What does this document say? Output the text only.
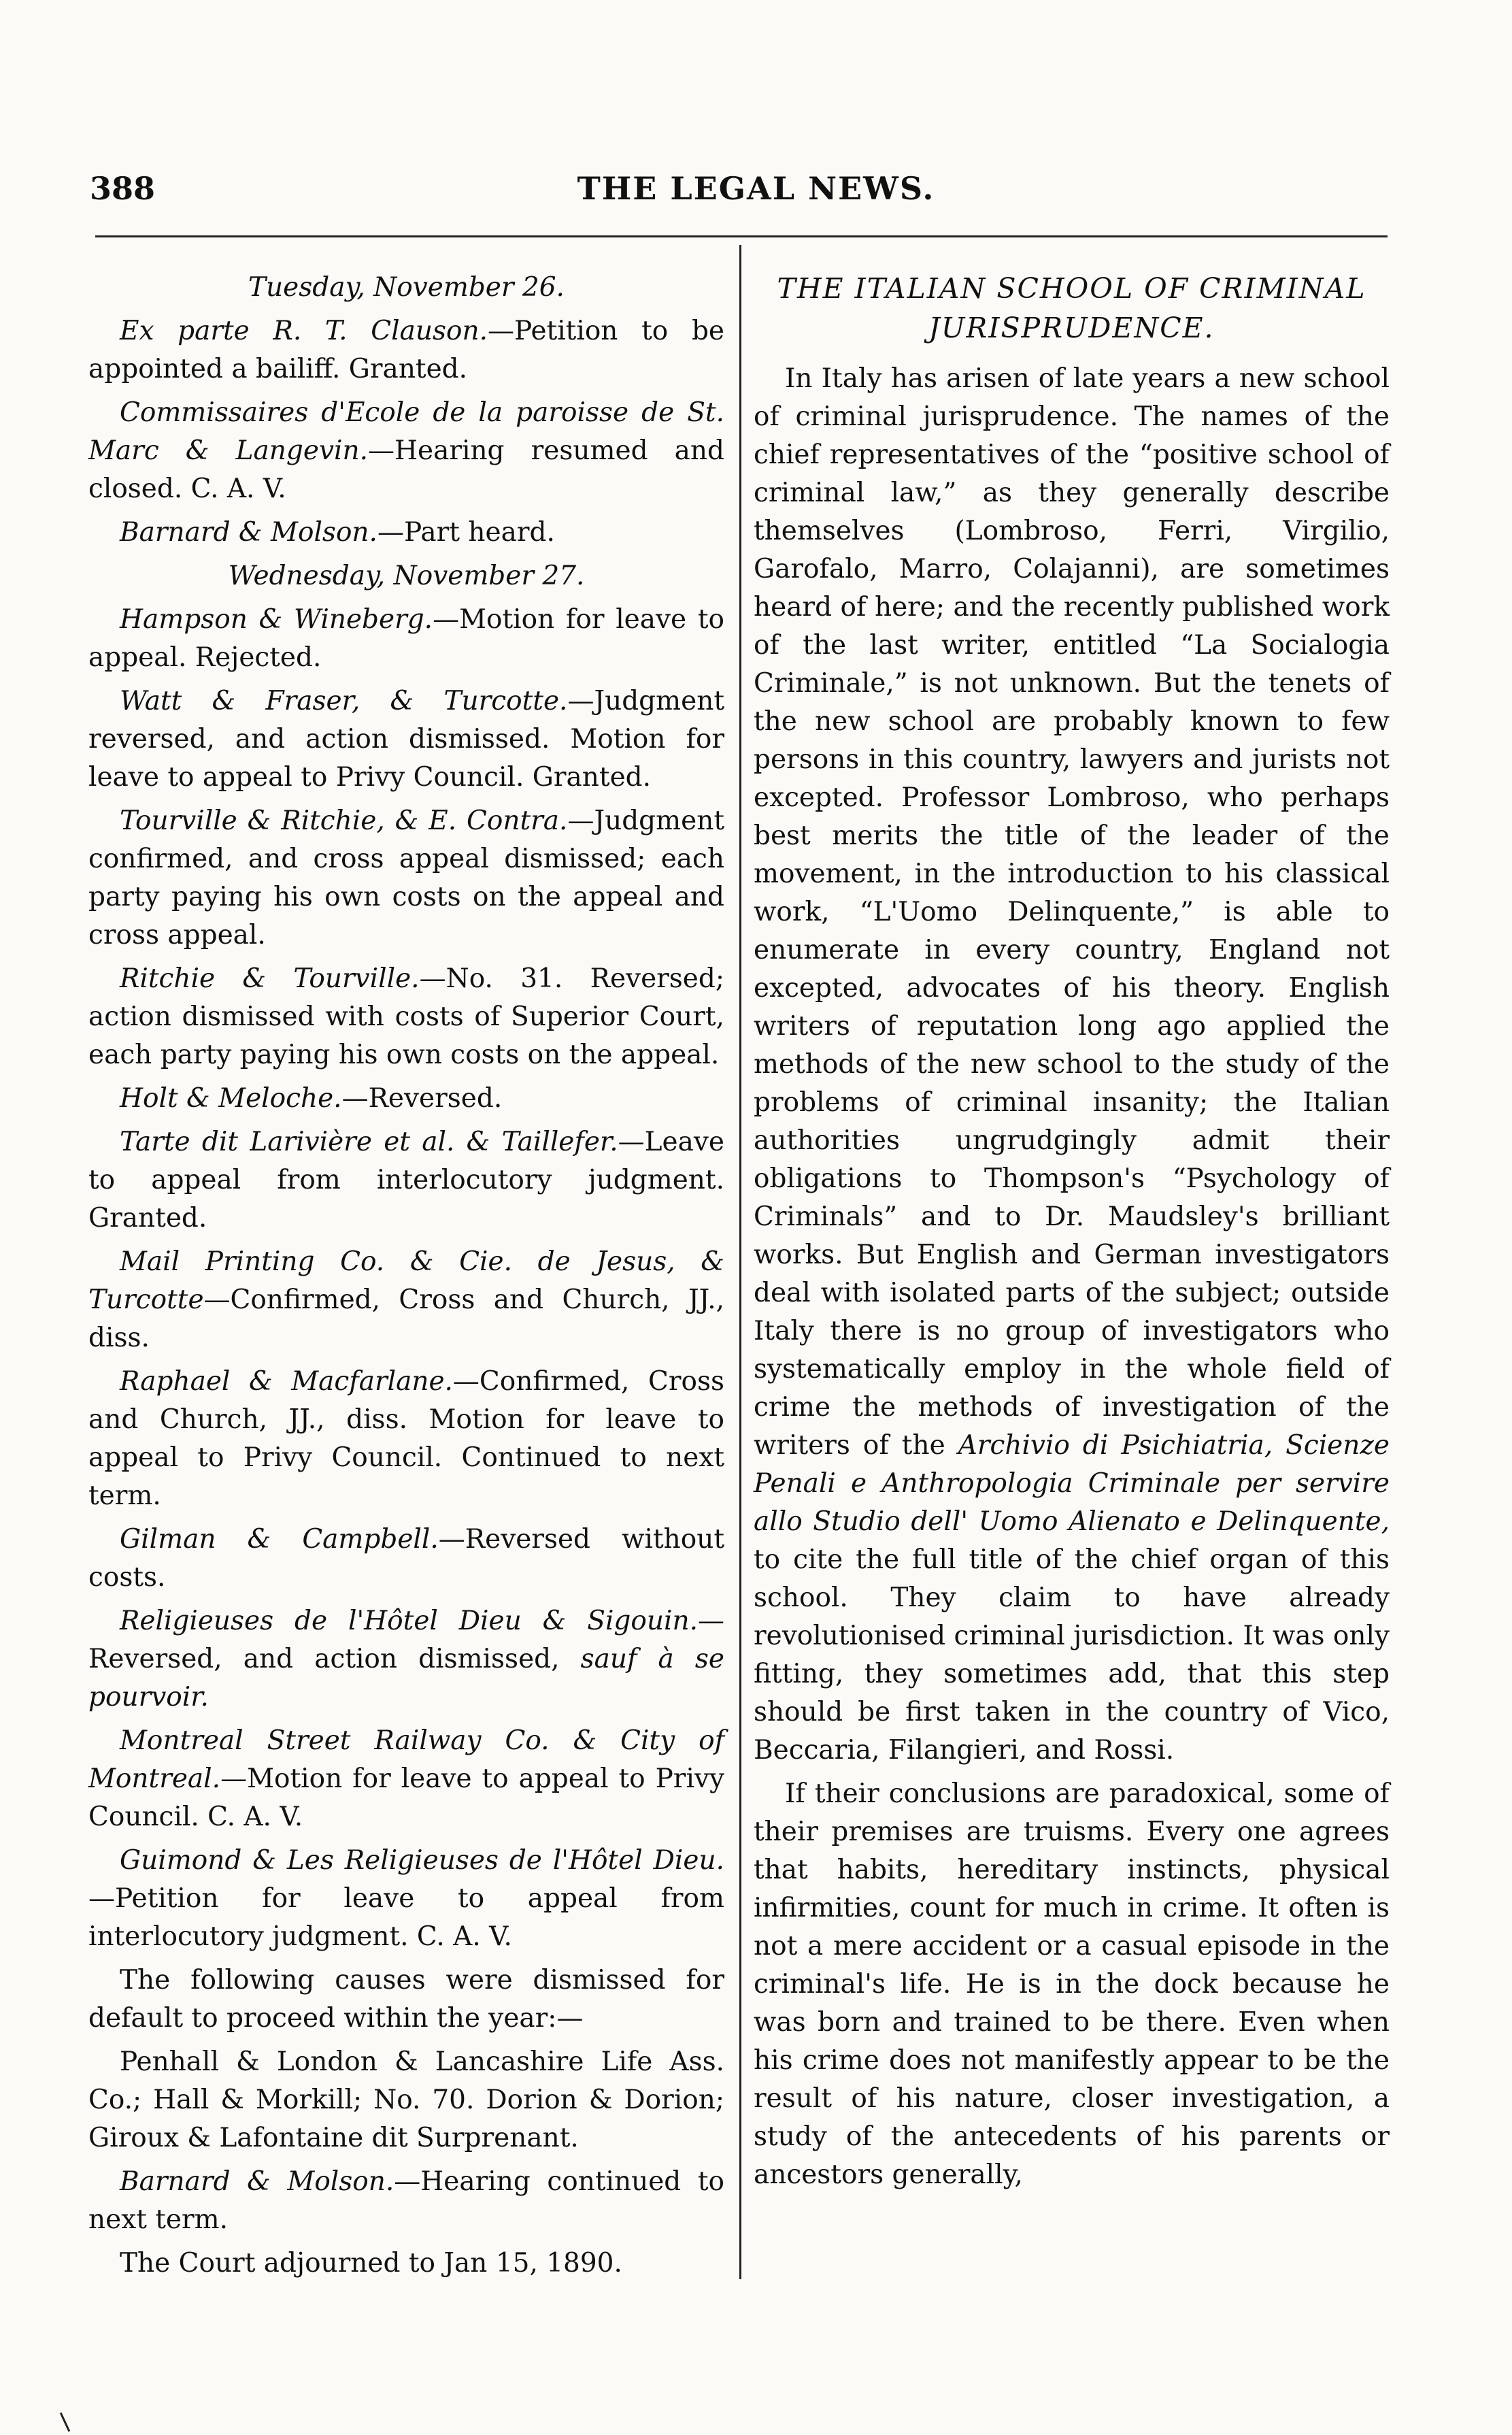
388	THE LEGAL NEWS.

Tuesday, November 26.

Ex parte R. T. Clauson.—Petition to be appointed a bailiff. Granted.

Commissaires d'Ecole de la paroisse de St. Marc & Langevin.—Hearing resumed and closed. C. A. V.

Barnard & Molson.—Part heard.

Wednesday, November 27.

Hampson & Wineberg.—Motion for leave to appeal. Rejected.

Watt & Fraser, & Turcotte.—Judgment reversed, and action dismissed. Motion for leave to appeal to Privy Council. Granted.

Tourville & Ritchie, & E. Contra.—Judgment confirmed, and cross appeal dismissed; each party paying his own costs on the appeal and cross appeal.

Ritchie & Tourville.—No. 31. Reversed; action dismissed with costs of Superior Court, each party paying his own costs on the appeal.

Holt & Meloche.—Reversed.

Tarte dit Larivière et al. & Taillefer.—Leave to appeal from interlocutory judgment. Granted.

Mail Printing Co. & Cie. de Jesus, & Turcotte—Confirmed, Cross and Church, JJ., diss.

Raphael & Macfarlane.—Confirmed, Cross and Church, JJ., diss. Motion for leave to appeal to Privy Council. Continued to next term.

Gilman & Campbell.—Reversed without costs.

Religieuses de l'Hôtel Dieu & Sigouin.—Reversed, and action dismissed, sauf à se pourvoir.

Montreal Street Railway Co. & City of Montreal.—Motion for leave to appeal to Privy Council. C. A. V.

Guimond & Les Religieuses de l'Hôtel Dieu.—Petition for leave to appeal from interlocutory judgment. C. A. V.

The following causes were dismissed for default to proceed within the year:—

Penhall & London & Lancashire Life Ass. Co.; Hall & Morkill; No. 70. Dorion & Dorion; Giroux & Lafontaine dit Surprenant.

Barnard & Molson.—Hearing continued to next term.

The Court adjourned to Jan 15, 1890.

THE ITALIAN SCHOOL OF CRIMINAL JURISPRUDENCE.

In Italy has arisen of late years a new school of criminal jurisprudence. The names of the chief representatives of the “positive school of criminal law,” as they generally describe themselves (Lombroso, Ferri, Virgilio, Garofalo, Marro, Colajanni), are sometimes heard of here; and the recently published work of the last writer, entitled “La Socialogia Criminale,” is not unknown. But the tenets of the new school are probably known to few persons in this country, lawyers and jurists not excepted. Professor Lombroso, who perhaps best merits the title of the leader of the movement, in the introduction to his classical work, “L'Uomo Delinquente,” is able to enumerate in every country, England not excepted, advocates of his theory. English writers of reputation long ago applied the methods of the new school to the study of the problems of criminal insanity; the Italian authorities ungrudgingly admit their obligations to Thompson's “Psychology of Criminals” and to Dr. Maudsley's brilliant works. But English and German investigators deal with isolated parts of the subject; outside Italy there is no group of investigators who systematically employ in the whole field of crime the methods of investigation of the writers of the Archivio di Psichiatria, Scienze Penali e Anthropologia Criminale per servire allo Studio dell' Uomo Alienato e Delinquente, to cite the full title of the chief organ of this school. They claim to have already revolutionised criminal jurisdiction. It was only fitting, they sometimes add, that this step should be first taken in the country of Vico, Beccaria, Filangieri, and Rossi.

If their conclusions are paradoxical, some of their premises are truisms. Every one agrees that habits, hereditary instincts, physical infirmities, count for much in crime. It often is not a mere accident or a casual episode in the criminal's life. He is in the dock because he was born and trained to be there. Even when his crime does not manifestly appear to be the result of his nature, closer investigation, a study of the antecedents of his parents or ancestors generally,
